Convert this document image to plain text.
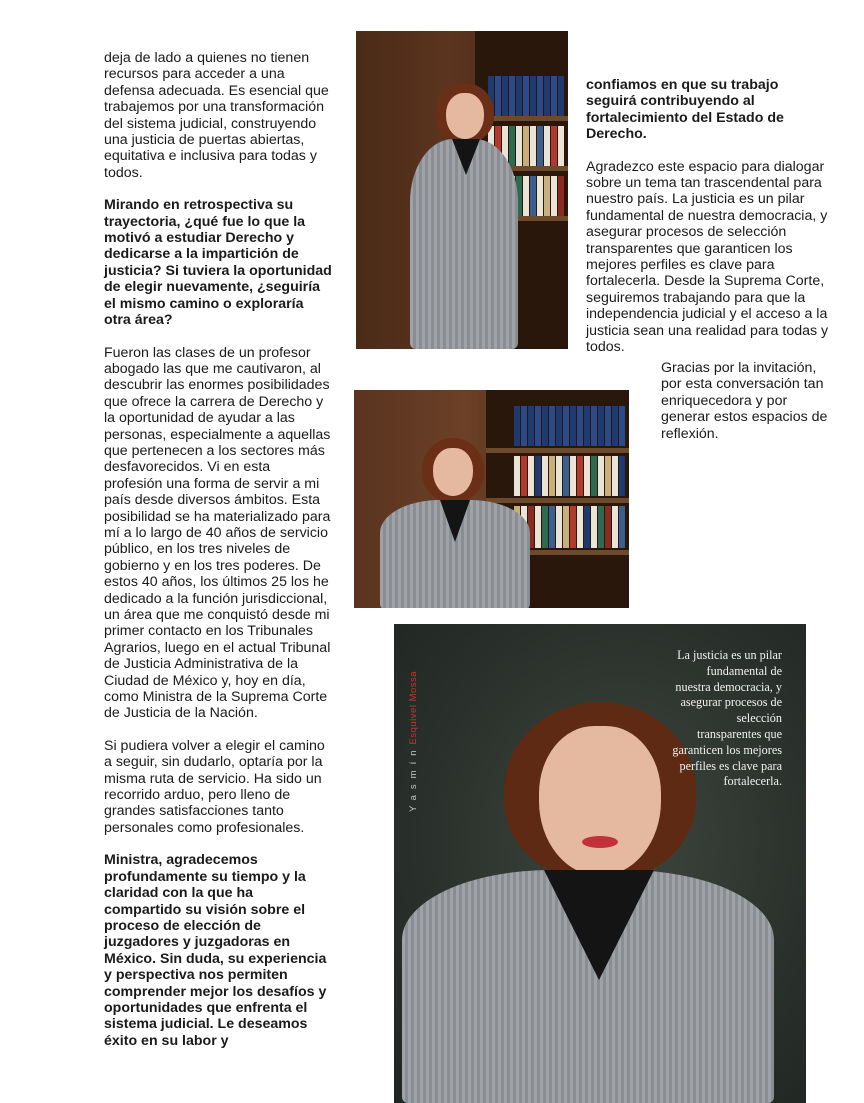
deja de lado a quienes no tienen recursos para acceder a una defensa adecuada. Es esencial que trabajemos por una transformación del sistema judicial, construyendo una justicia de puertas abiertas, equitativa e inclusiva para todas y todos.

Mirando en retrospectiva su trayectoria, ¿qué fue lo que la motivó a estudiar Derecho y dedicarse a la impartición de justicia? Si tuviera la oportunidad de elegir nuevamente, ¿seguiría el mismo camino o exploraría otra área?

Fueron las clases de un profesor abogado las que me cautivaron, al descubrir las enormes posibilidades que ofrece la carrera de Derecho y la oportunidad de ayudar a las personas, especialmente a aquellas que pertenecen a los sectores más desfavorecidos. Vi en esta profesión una forma de servir a mi país desde diversos ámbitos. Esta posibilidad se ha materializado para mí a lo largo de 40 años de servicio público, en los tres niveles de gobierno y en los tres poderes. De estos 40 años, los últimos 25 los he dedicado a la función jurisdiccional, un área que me conquistó desde mi primer contacto en los Tribunales Agrarios, luego en el actual Tribunal de Justicia Administrativa de la Ciudad de México y, hoy en día, como Ministra de la Suprema Corte de Justicia de la Nación.

Si pudiera volver a elegir el camino a seguir, sin dudarlo, optaría por la misma ruta de servicio. Ha sido un recorrido arduo, pero lleno de grandes satisfacciones tanto personales como profesionales.

Ministra, agradecemos profundamente su tiempo y la claridad con la que ha compartido su visión sobre el proceso de elección de juzgadores y juzgadoras en México. Sin duda, su experiencia y perspectiva nos permiten comprender mejor los desafíos y oportunidades que enfrenta el sistema judicial. Le deseamos éxito en su labor y

confiamos en que su trabajo seguirá contribuyendo al fortalecimiento del Estado de Derecho.

Agradezco este espacio para dialogar sobre un tema tan trascendental para nuestro país. La justicia es un pilar fundamental de nuestra democracia, y asegurar procesos de selección transparentes que garanticen los mejores perfiles es clave para fortalecerla. Desde la Suprema Corte, seguiremos trabajando para que la independencia judicial y el acceso a la justicia sean una realidad para todas y todos.

Gracias por la invitación, por esta conversación tan enriquecedora y por generar estos espacios de reflexión.

La justicia es un pilar fundamental de nuestra democracia, y asegurar procesos de selección transparentes que garanticen los mejores perfiles es clave para fortalecerla.

YasmínEsquivel Mossa
